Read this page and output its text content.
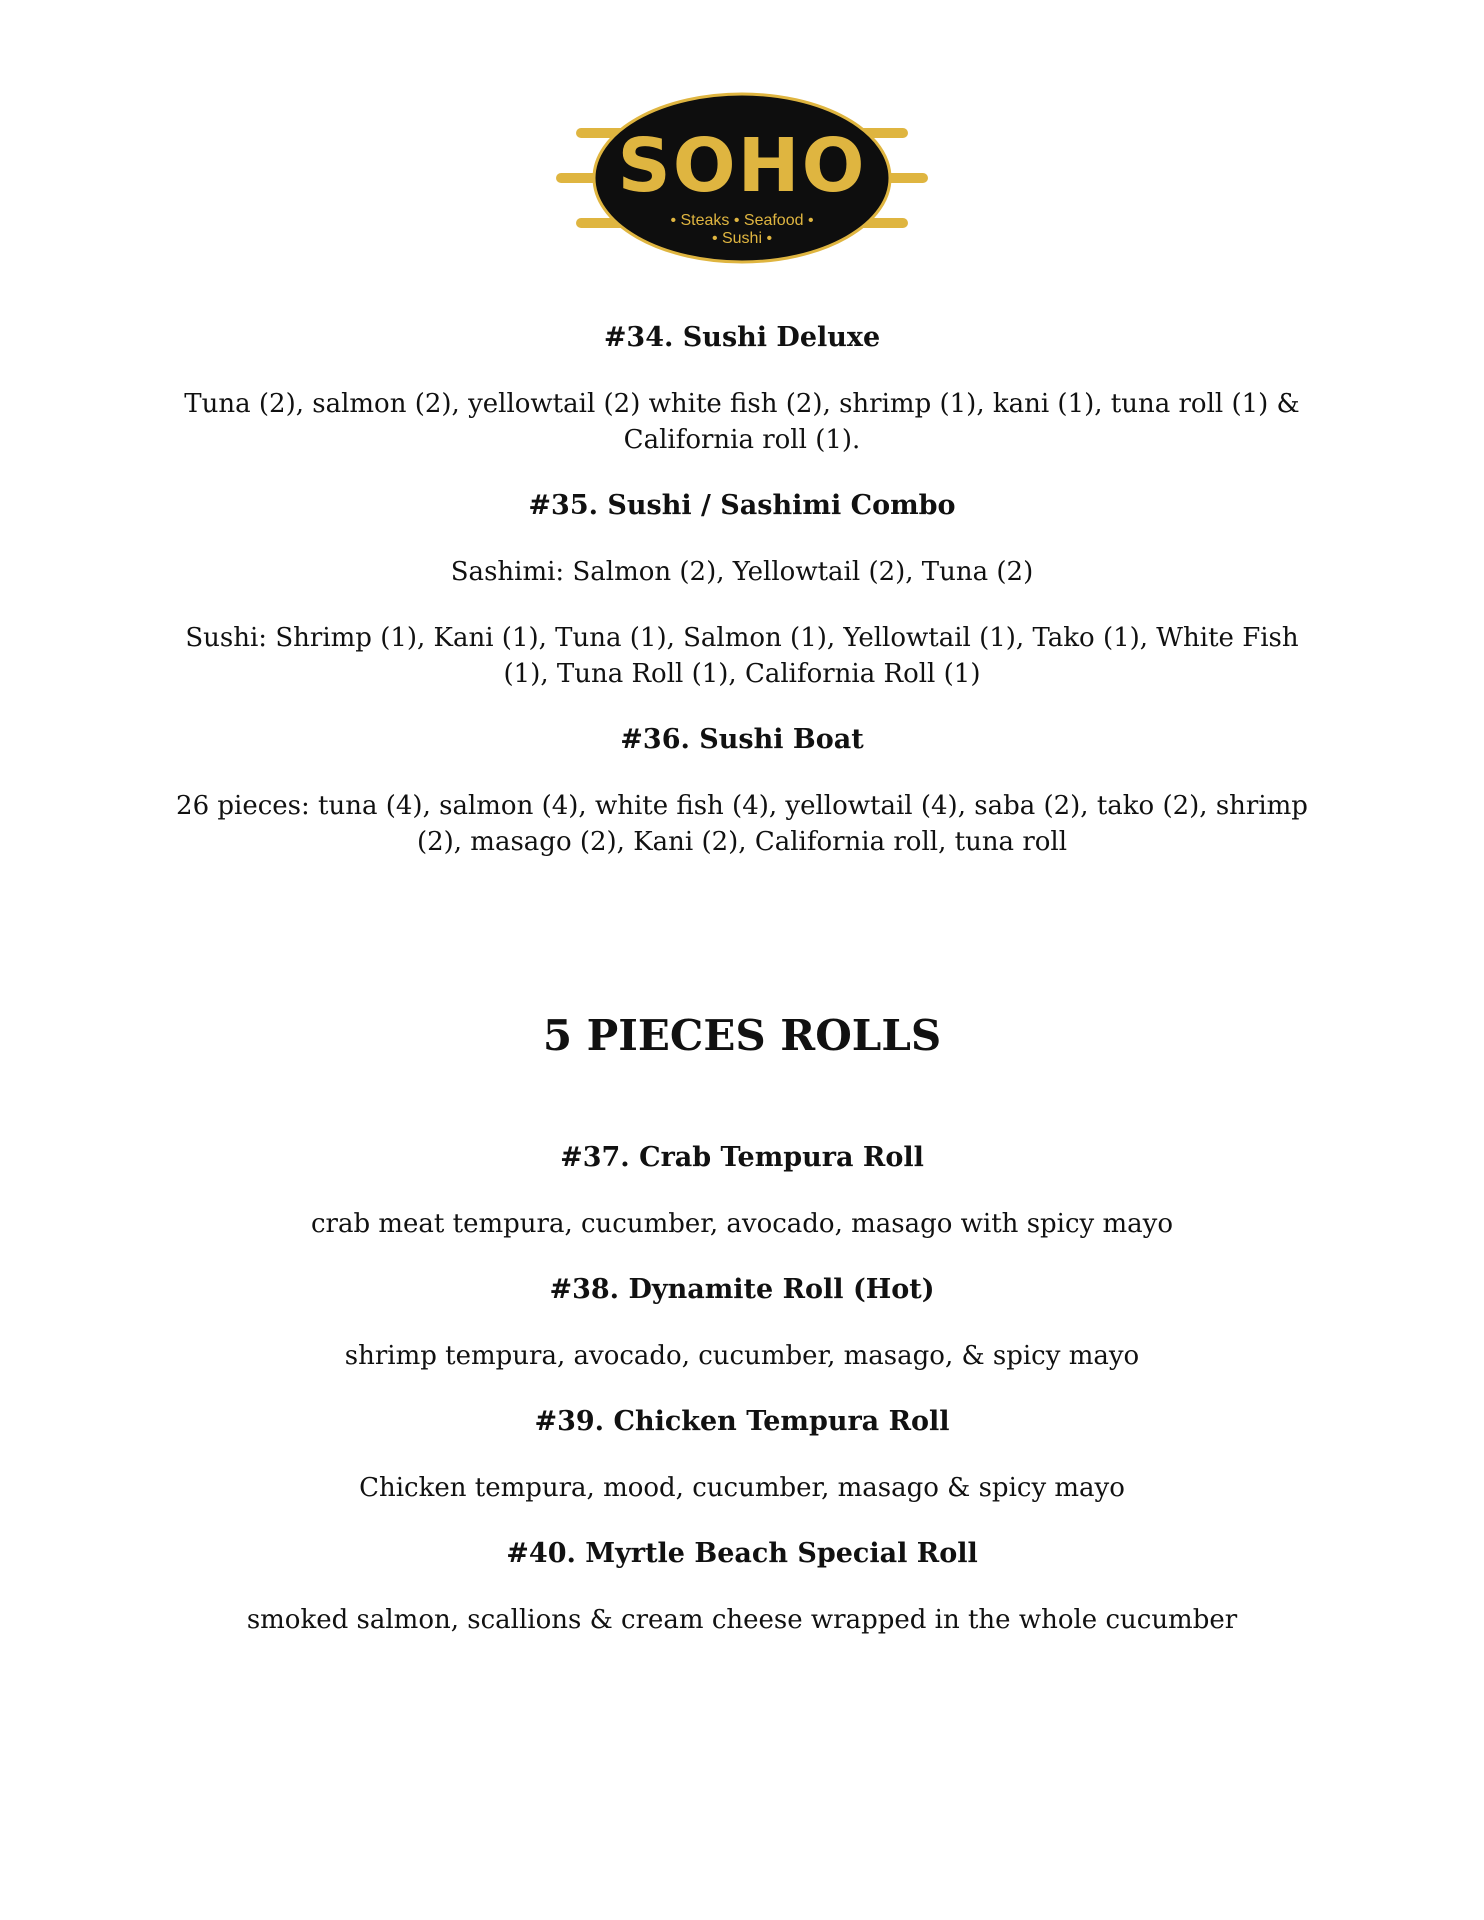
SOHO
• Steaks • Seafood •
• Sushi •
#34. Sushi Deluxe
Tuna (2), salmon (2), yellowtail (2) white fish (2), shrimp (1), kani (1), tuna roll (1) & California roll (1).
#35. Sushi / Sashimi Combo
Sashimi: Salmon (2), Yellowtail (2), Tuna (2)
Sushi: Shrimp (1), Kani (1), Tuna (1), Salmon (1), Yellowtail (1), Tako (1), White Fish (1), Tuna Roll (1), California Roll (1)
#36. Sushi Boat
26 pieces: tuna (4), salmon (4), white fish (4), yellowtail (4), saba (2), tako (2), shrimp (2), masago (2), Kani (2), California roll, tuna roll
5 PIECES ROLLS
#37. Crab Tempura Roll
crab meat tempura, cucumber, avocado, masago with spicy mayo
#38. Dynamite Roll (Hot)
shrimp tempura, avocado, cucumber, masago, & spicy mayo
#39. Chicken Tempura Roll
Chicken tempura, mood, cucumber, masago & spicy mayo
#40. Myrtle Beach Special Roll
smoked salmon, scallions & cream cheese wrapped in the whole cucumber
